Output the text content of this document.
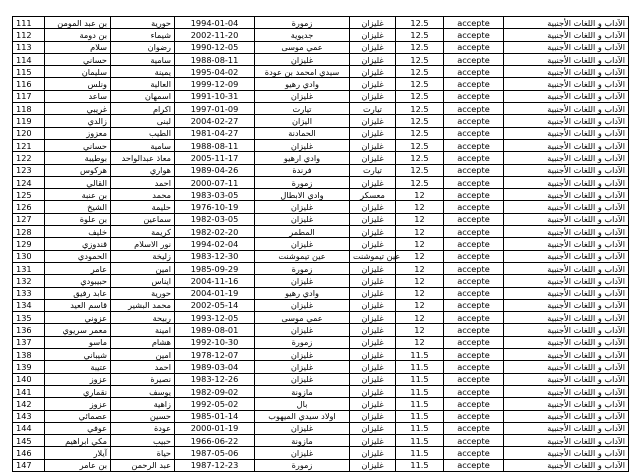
111	بن عبد المومن	حورية	1994-01-04	زمورة	غليزان	12.5	accepte	الآداب و اللغات الأجنبية
112	بن دومة	شيماء	2002-11-20	جديوية	غليزان	12.5	accepte	الآداب و اللغات الأجنبية
113	سلام	رضوان	1990-12-05	عمي موسى	غليزان	12.5	accepte	الآداب و اللغات الأجنبية
114	حساني	سامية	1988-08-11	غليزان	غليزان	12.5	accepte	الآداب و اللغات الأجنبية
115	سليمان	يمينة	1995-04-02	سيدي امحمد بن عودة	غليزان	12.5	accepte	الآداب و اللغات الأجنبية
116	ونلس	العالية	1999-12-09	وادي رهيو	غليزان	12.5	accepte	الآداب و اللغات الأجنبية
117	ساعد	اسمهان	1991-10-31	غليزان	غليزان	12.5	accepte	الآداب و اللغات الأجنبية
118	غريبي	اكرام	1997-01-09	تيارت	تيارت	12.5	accepte	الآداب و اللغات الأجنبية
119	زالدي	لبنى	2004-02-27	اليزان	غليزان	12.5	accepte	الآداب و اللغات الأجنبية
120	معزوز	الطيب	1981-04-27	الحمادنة	غليزان	12.5	accepte	الآداب و اللغات الأجنبية
121	حساني	سامية	1988-08-11	غليزان	غليزان	12.5	accepte	الآداب و اللغات الأجنبية
122	بوطيبة	معاذ عبدالواحد	2005-11-17	وادي ارهيو	غليزان	12.5	accepte	الآداب و اللغات الأجنبية
123	هركوس	هواري	1989-04-26	فرندة	تيارت	12.5	accepte	الآداب و اللغات الأجنبية
124	القالي	احمد	2000-07-11	زمورة	غليزان	12.5	accepte	الآداب و اللغات الأجنبية
125	بن عنبة	محمد	1983-03-05	وادي الابطال	معسكر	12	accepte	الآداب و اللغات الأجنبية
126	الشيخ	حليمة	1976-10-19	غليزان	غليزان	12	accepte	الآداب و اللغات الأجنبية
127	بن علوة	سماعين	1982-03-05	غليزان	غليزان	12	accepte	الآداب و اللغات الأجنبية
128	خليف	كريمة	1982-02-20	المطمر	غليزان	12	accepte	الآداب و اللغات الأجنبية
129	قندوزي	نور الاسلام	1994-02-04	غليزان	غليزان	12	accepte	الآداب و اللغات الأجنبية
130	الحمودي	زليخة	1983-12-30	عين تيموشنت	عين تيموشنت	12	accepte	الآداب و اللغات الأجنبية
131	عامر	امين	1985-09-29	زمورة	غليزان	12	accepte	الآداب و اللغات الأجنبية
132	حبيبودي	ايناس	2004-11-16	غليزان	غليزان	12	accepte	الآداب و اللغات الأجنبية
133	عابد رفيق	حورية	2004-01-19	وادي رهيو	غليزان	12	accepte	الآداب و اللغات الأجنبية
134	قاسم العيد	محمد البشير	2002-05-14	غليزان	غليزان	12	accepte	الآداب و اللغات الأجنبية
135	عزوني	ربيحة	1993-12-05	عمي موسى	غليزان	12	accepte	الآداب و اللغات الأجنبية
136	معمر سريوي	امينة	1989-08-01	غليزان	غليزان	12	accepte	الآداب و اللغات الأجنبية
137	ماسو	هشام	1992-10-30	زمورة	غليزان	12	accepte	الآداب و اللغات الأجنبية
138	شيباني	امين	1978-12-07	غليزان	غليزان	11.5	accepte	الآداب و اللغات الأجنبية
139	عتيبة	احمد	1989-03-04	غليزان	غليزان	11.5	accepte	الآداب و اللغات الأجنبية
140	عزوز	نصيرة	1983-12-26	غليزان	غليزان	11.5	accepte	الآداب و اللغات الأجنبية
141	نقماري	يوسف	1982-09-02	مازونة	غليزان	11.5	accepte	الآداب و اللغات الأجنبية
142	عزوز	زاهية	1992-05-02	بال	غليزان	11.5	accepte	الآداب و اللغات الأجنبية
143	عصمائي	حسين	1985-01-14	اولاد سيدي الميهوب	غليزان	11.5	accepte	الآداب و اللغات الأجنبية
144	عوفي	عودة	2000-01-19	غليزان	غليزان	11.5	accepte	الآداب و اللغات الأجنبية
145	مكي ابراهيم	حبيب	1966-06-22	مازونة	غليزان	11.5	accepte	الآداب و اللغات الأجنبية
146	آيلار	حياة	1987-05-06	غليزان	غليزان	11.5	accepte	الآداب و اللغات الأجنبية
147	بن عامر	عبد الرحمن	1987-12-23	زمورة	غليزان	11.5	accepte	الآداب و اللغات الأجنبية
